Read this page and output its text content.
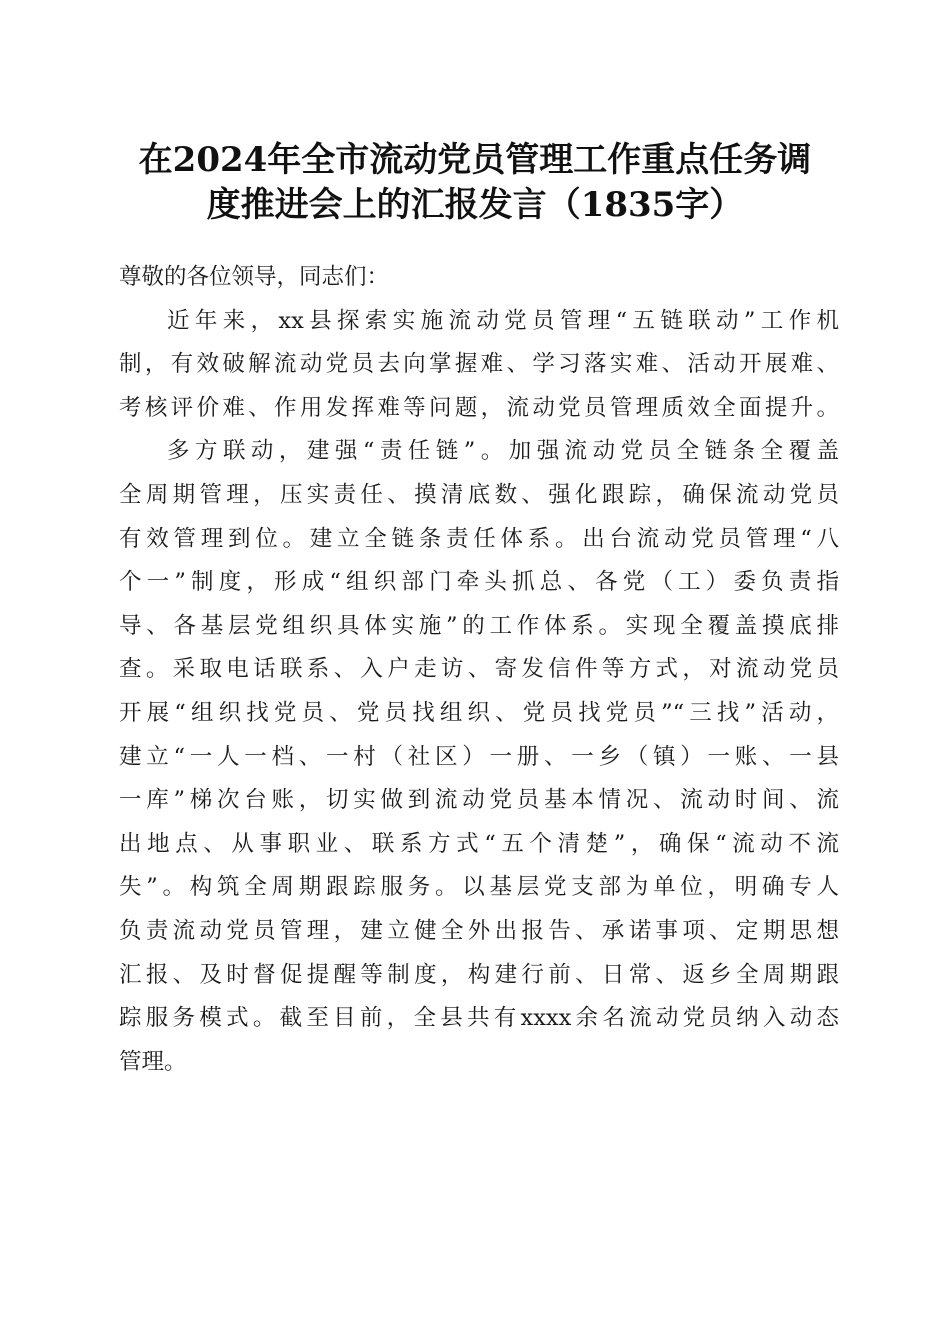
在2024年全市流动党员管理工作重点任务调
度推进会上的汇报发言（1835字）
尊敬的各位领导，同志们：
近年来，xx县探索实施流动党员管理“五链联动”工作机
制，有效破解流动党员去向掌握难、学习落实难、活动开展难、
考核评价难、作用发挥难等问题，流动党员管理质效全面提升。
多方联动，建强“责任链”。加强流动党员全链条全覆盖
全周期管理，压实责任、摸清底数、强化跟踪，确保流动党员
有效管理到位。建立全链条责任体系。出台流动党员管理“八
个一”制度，形成“组织部门牵头抓总、各党（工）委负责指
导、各基层党组织具体实施”的工作体系。实现全覆盖摸底排
查。采取电话联系、入户走访、寄发信件等方式，对流动党员
开展“组织找党员、党员找组织、党员找党员”“三找”活动，
建立“一人一档、一村（社区）一册、一乡（镇）一账、一县
一库”梯次台账，切实做到流动党员基本情况、流动时间、流
出地点、从事职业、联系方式“五个清楚”，确保“流动不流
失”。构筑全周期跟踪服务。以基层党支部为单位，明确专人
负责流动党员管理，建立健全外出报告、承诺事项、定期思想
汇报、及时督促提醒等制度，构建行前、日常、返乡全周期跟
踪服务模式。截至目前，全县共有xxxx余名流动党员纳入动态
管理。
